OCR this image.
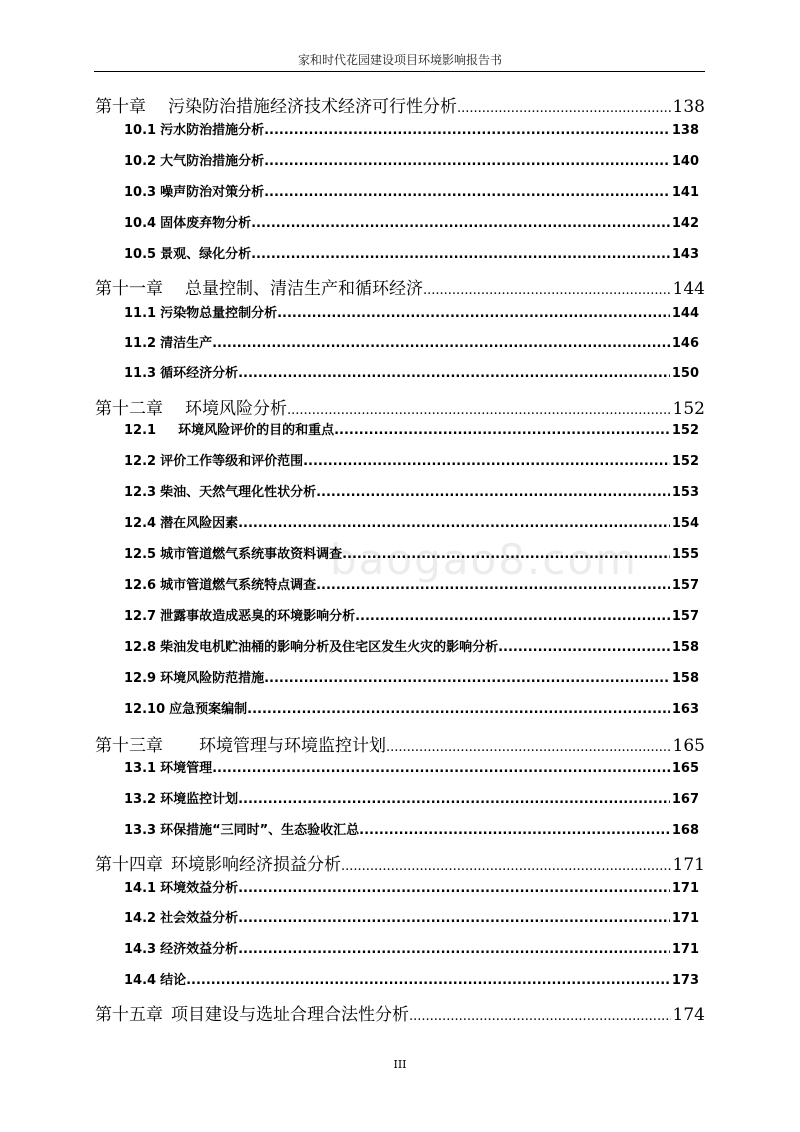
家和时代花园建设项目环境影响报告书
baogao8.com
第十章 污染防治措施经济技术经济可行性分析 .....	138
10.1 污水防治措施分析 .....	138
10.2 大气防治措施分析 .....	140
10.3 噪声防治对策分析 .....	141
10.4 固体废弃物分析 .....	142
10.5 景观、绿化分析 .....	143
第十一章 总量控制、清洁生产和循环经济 .....	144
11.1 污染物总量控制分析 .....	144
11.2 清洁生产 .....	146
11.3 循环经济分析 .....	150
第十二章 环境风险分析 .....	152
12.1 环境风险评价的目的和重点 .....	152
12.2 评价工作等级和评价范围 .....	152
12.3 柴油、天然气理化性状分析 .....	153
12.4 潜在风险因素 .....	154
12.5 城市管道燃气系统事故资料调查 .....	155
12.6 城市管道燃气系统特点调查 .....	157
12.7 泄露事故造成恶臭的环境影响分析 .....	157
12.8 柴油发电机贮油桶的影响分析及住宅区发生火灾的影响分析 .....	158
12.9 环境风险防范措施 .....	158
12.10 应急预案编制 .....	163
第十三章 环境管理与环境监控计划 .....	165
13.1 环境管理 .....	165
13.2 环境监控计划 .....	167
13.3 环保措施“三同时”、生态验收汇总 .....	168
第十四章 环境影响经济损益分析 .....	171
14.1 环境效益分析 .....	171
14.2 社会效益分析 .....	171
14.3 经济效益分析 .....	171
14.4 结论 .....	173
第十五章 项目建设与选址合理合法性分析 .....	174
III
